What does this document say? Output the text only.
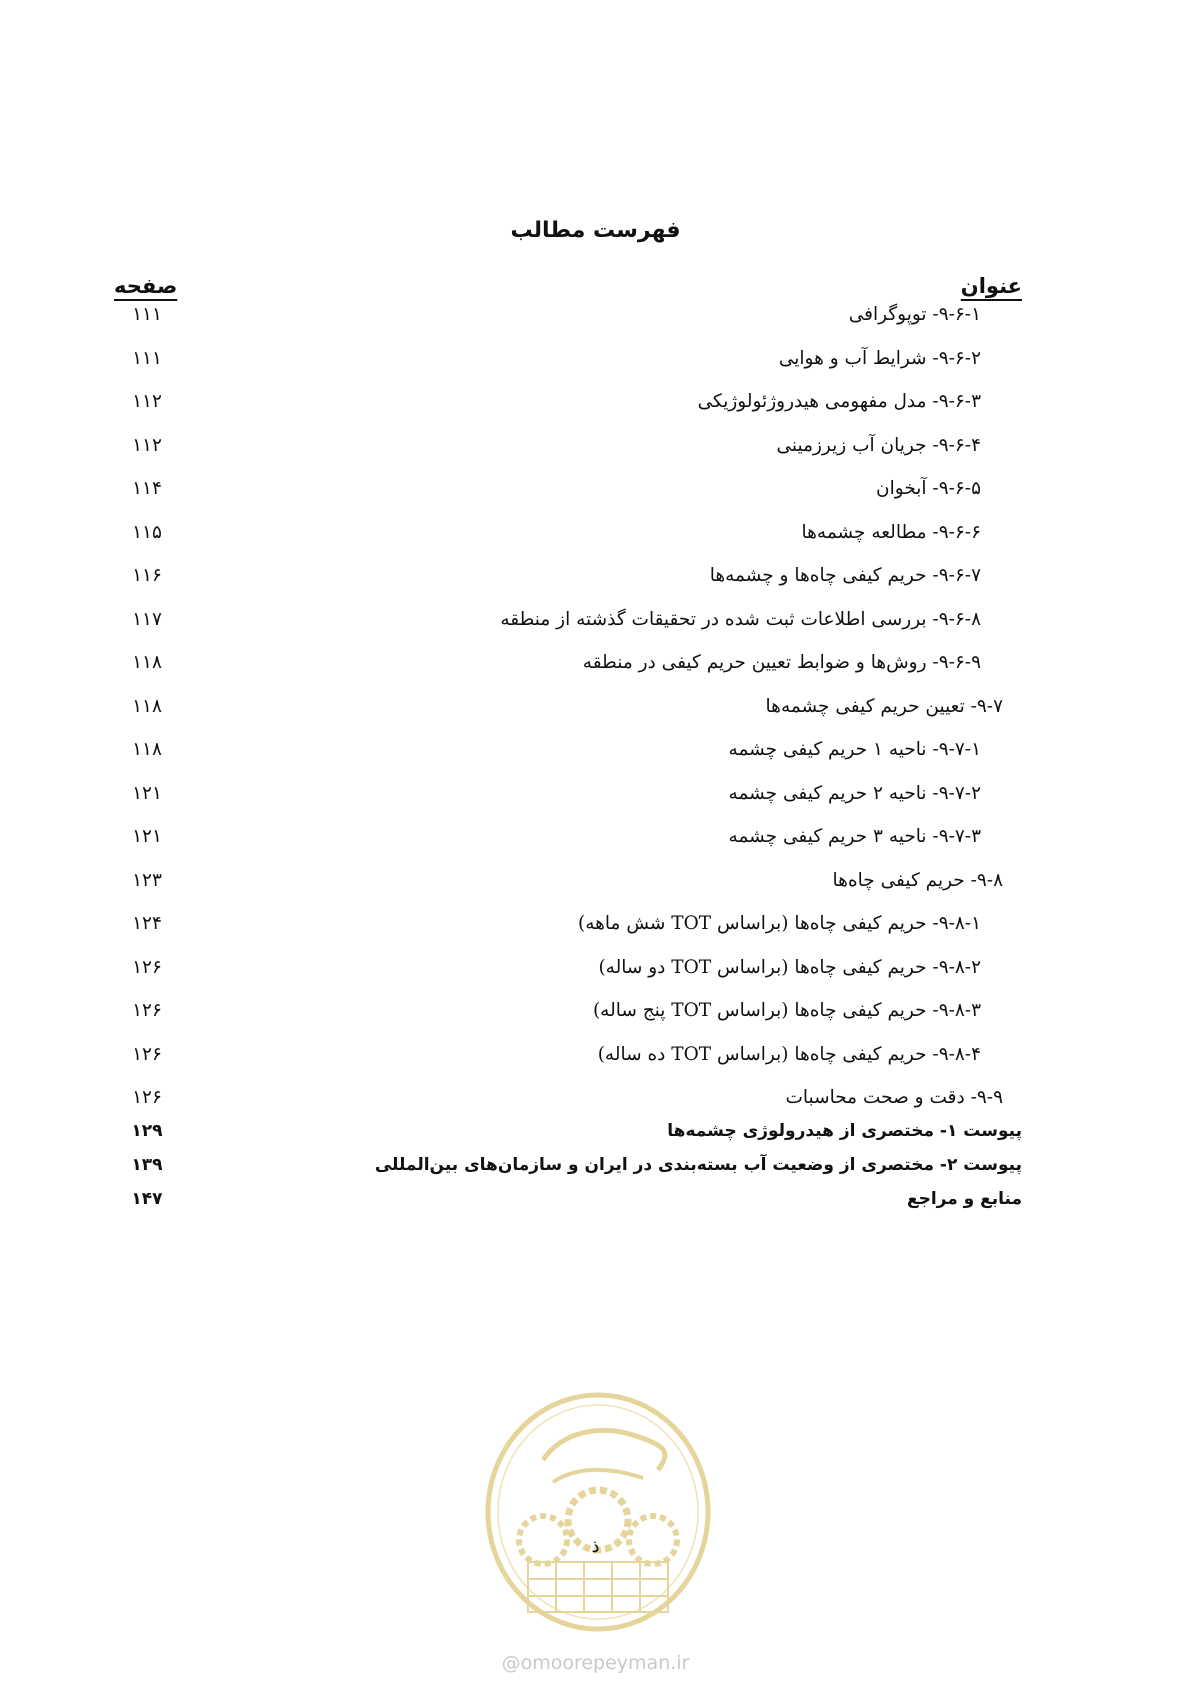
فهرست مطالب
عنوان
صفحه
۹-۶-۱- توپوگرافی
۱۱۱
۹-۶-۲- شرایط آب و هوایی
۱۱۱
۹-۶-۳- مدل مفهومی هیدروژئولوژیکی
۱۱۲
۹-۶-۴- جریان آب زیرزمینی
۱۱۲
۹-۶-۵- آبخوان
۱۱۴
۹-۶-۶- مطالعه چشمه‌ها
۱۱۵
۹-۶-۷- حریم کیفی چاه‌ها و چشمه‌ها
۱۱۶
۹-۶-۸- بررسی اطلاعات ثبت شده در تحقیقات گذشته از منطقه
۱۱۷
۹-۶-۹- روش‌ها و ضوابط تعیین حریم کیفی در منطقه
۱۱۸
۹-۷- تعیین حریم کیفی چشمه‌ها
۱۱۸
۹-۷-۱- ناحیه ۱ حریم کیفی چشمه
۱۱۸
۹-۷-۲- ناحیه ۲ حریم کیفی چشمه
۱۲۱
۹-۷-۳- ناحیه ۳ حریم کیفی چشمه
۱۲۱
۹-۸- حریم کیفی چاه‌ها
۱۲۳
۹-۸-۱- حریم کیفی چاه‌ها (براساس TOT شش ماهه)
۱۲۴
۹-۸-۲- حریم کیفی چاه‌ها (براساس TOT دو ساله)
۱۲۶
۹-۸-۳- حریم کیفی چاه‌ها (براساس TOT پنج ساله)
۱۲۶
۹-۸-۴- حریم کیفی چاه‌ها (براساس TOT ده ساله)
۱۲۶
۹-۹- دقت و صحت محاسبات
۱۲۶
پیوست ۱- مختصری از هیدرولوژی چشمه‌ها
۱۲۹
پیوست ۲- مختصری از وضعیت آب بسته‌بندی در ایران و سازمان‌های بین‌المللی
۱۳۹
منابع و مراجع
۱۴۷
ذ
@omoorepeyman.ir
